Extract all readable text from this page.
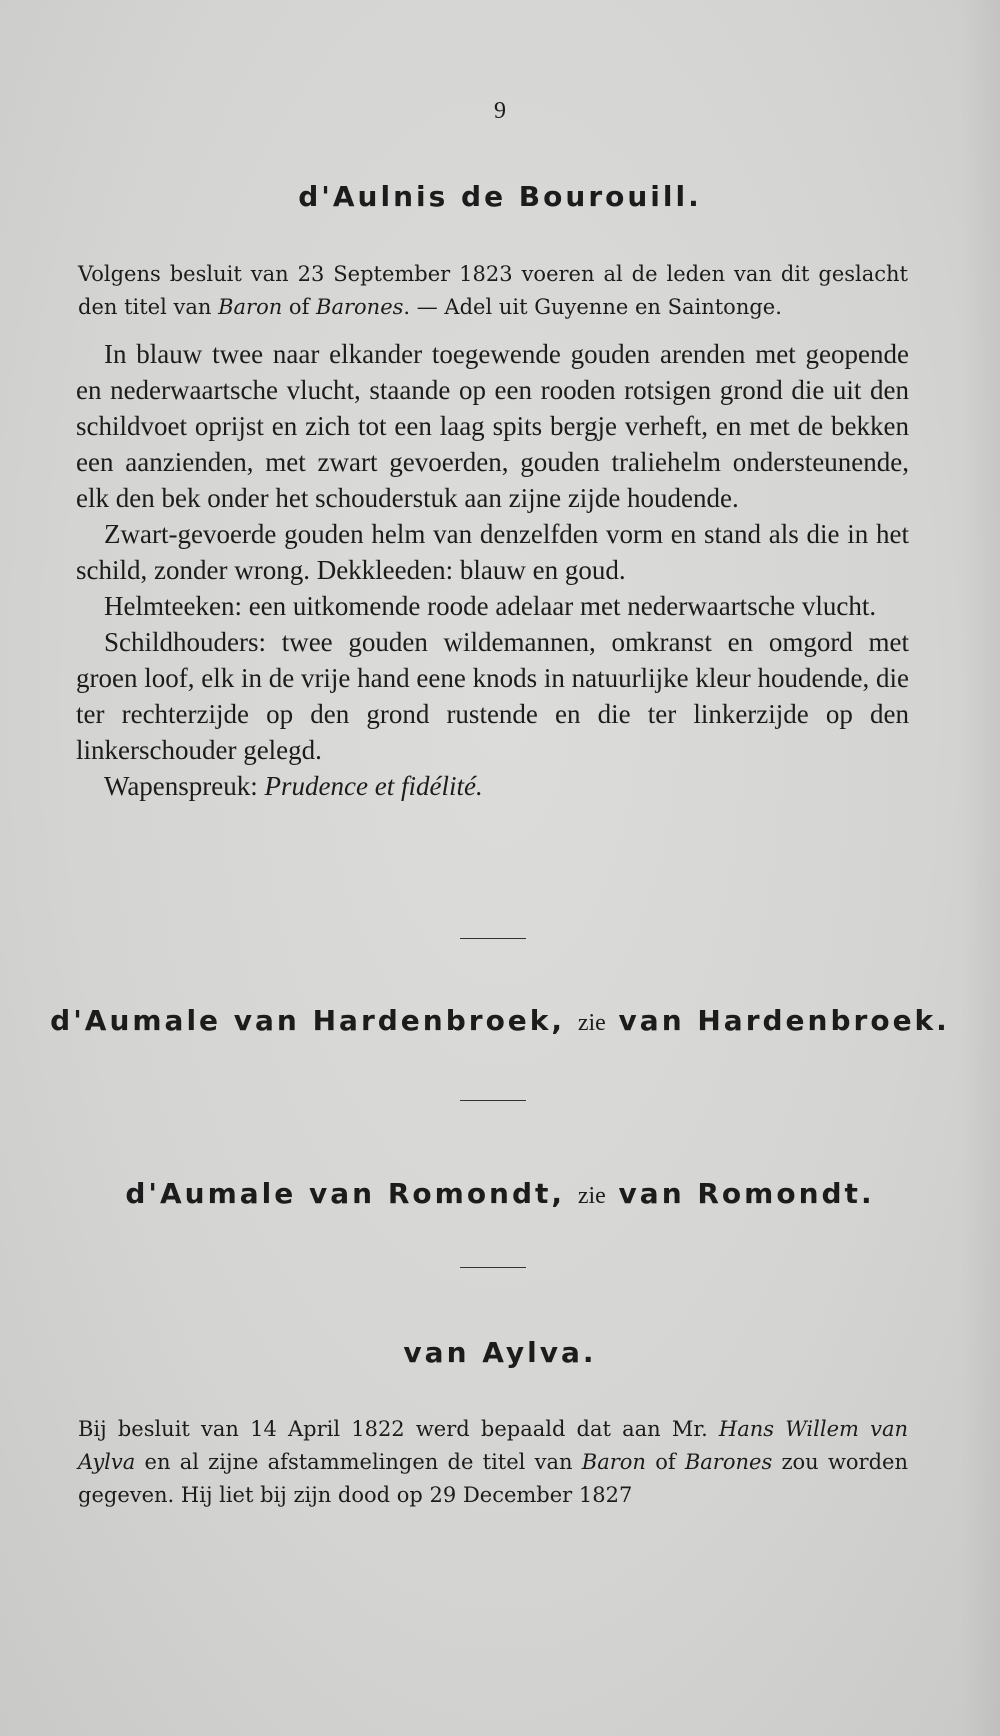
9
d'Aulnis de Bourouill.

Volgens besluit van 23 September 1823 voeren al de leden van dit geslacht den titel van Baron of Barones. — Adel uit Guyenne en Saintonge.

In blauw twee naar elkander toegewende gouden arenden met geopende en nederwaartsche vlucht, staande op een rooden rotsigen grond die uit den schildvoet oprijst en zich tot een laag spits bergje verheft, en met de bekken een aanzienden, met zwart gevoerden, gouden traliehelm ondersteunende, elk den bek onder het schouderstuk aan zijne zijde houdende.

Zwart-gevoerde gouden helm van denzelfden vorm en stand als die in het schild, zonder wrong. Dekkleeden: blauw en goud.

Helmteeken: een uitkomende roode adelaar met nederwaartsche vlucht.

Schildhouders: twee gouden wildemannen, omkranst en omgord met groen loof, elk in de vrije hand eene knods in natuurlijke kleur houdende, die ter rechterzijde op den grond rustende en die ter linkerzijde op den linkerschouder gelegd.

Wapenspreuk: Prudence et fidélité.

d'Aumale van Hardenbroek, zie van Hardenbroek.
d'Aumale van Romondt, zie van Romondt.
van Aylva.

Bij besluit van 14 April 1822 werd bepaald dat aan Mr. Hans Willem van Aylva en al zijne afstammelingen de titel van Baron of Barones zou worden gegeven. Hij liet bij zijn dood op 29 December 1827
